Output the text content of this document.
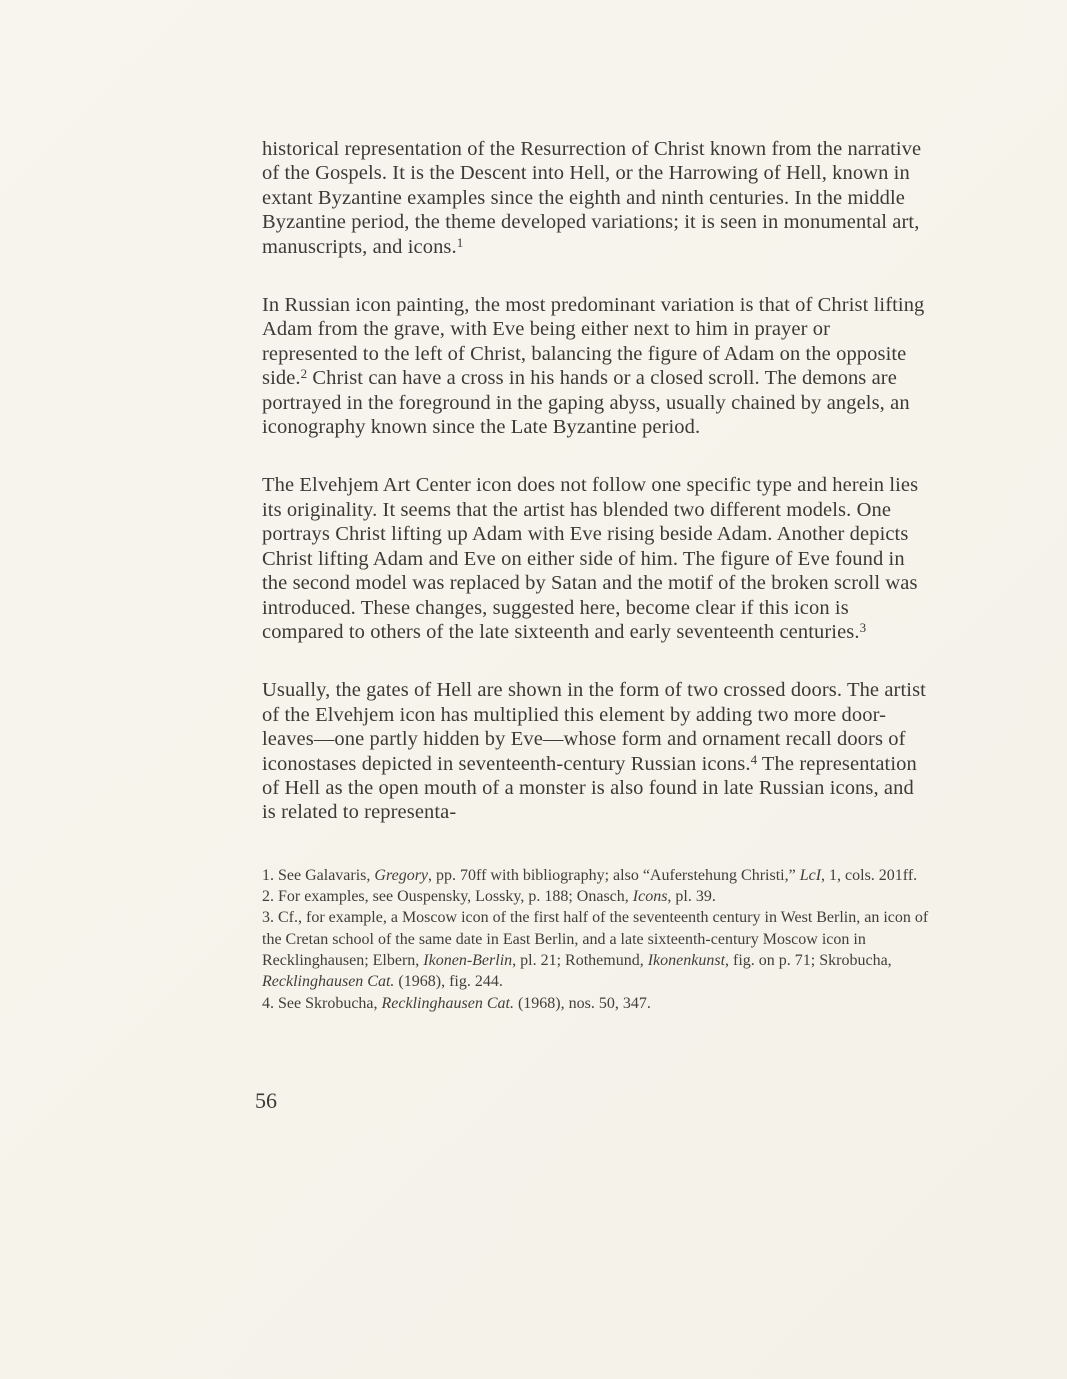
historical representation of the Resurrection of Christ known from the narrative of the Gospels. It is the Descent into Hell, or the Harrowing of Hell, known in extant Byzantine examples since the eighth and ninth centuries. In the middle Byzantine period, the theme developed variations; it is seen in monumental art, manuscripts, and icons.$^1$

In Russian icon painting, the most predominant variation is that of Christ lifting Adam from the grave, with Eve being either next to him in prayer or represented to the left of Christ, balancing the figure of Adam on the opposite side.$^2$ Christ can have a cross in his hands or a closed scroll. The demons are portrayed in the foreground in the gaping abyss, usually chained by angels, an iconography known since the Late Byzantine period.

The Elvehjem Art Center icon does not follow one specific type and herein lies its originality. It seems that the artist has blended two different models. One portrays Christ lifting up Adam with Eve rising beside Adam. Another depicts Christ lifting Adam and Eve on either side of him. The figure of Eve found in the second model was replaced by Satan and the motif of the broken scroll was introduced. These changes, suggested here, become clear if this icon is compared to others of the late sixteenth and early seventeenth centuries.$^3$

Usually, the gates of Hell are shown in the form of two crossed doors. The artist of the Elvehjem icon has multiplied this element by adding two more door-leaves—one partly hidden by Eve—whose form and ornament recall doors of iconostases depicted in seventeenth-century Russian icons.$^4$ The representation of Hell as the open mouth of a monster is also found in late Russian icons, and is related to representa-

1. See Galavaris, Gregory, pp. 70ff with bibliography; also “Auferstehung Christi,” LcI, 1, cols. 201ff.

2. For examples, see Ouspensky, Lossky, p. 188; Onasch, Icons, pl. 39.

3. Cf., for example, a Moscow icon of the first half of the seventeenth century in West Berlin, an icon of the Cretan school of the same date in East Berlin, and a late sixteenth-century Moscow icon in Recklinghausen; Elbern, Ikonen-Berlin, pl. 21; Rothemund, Ikonenkunst, fig. on p. 71; Skrobucha, Recklinghausen Cat. (1968), fig. 244.

4. See Skrobucha, Recklinghausen Cat. (1968), nos. 50, 347.

56
